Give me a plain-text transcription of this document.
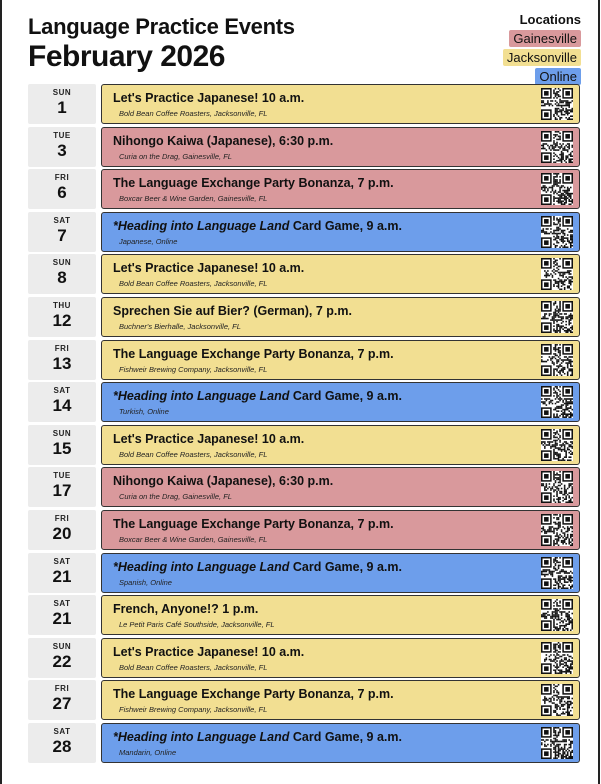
Language Practice Events
February 2026
Locations
Gainesville
Jacksonville
Online
SUN
1	Let's Practice Japanese! 10 a.m.
Bold Bean Coffee Roasters, Jacksonville, FL
TUE
3	Nihongo Kaiwa (Japanese), 6:30 p.m.
Curia on the Drag, Gainesville, FL
FRI
6	The Language Exchange Party Bonanza, 7 p.m.
Boxcar Beer & Wine Garden, Gainesville, FL
SAT
7	*Heading into Language Land Card Game, 9 a.m.
Japanese, Online
SUN
8	Let's Practice Japanese! 10 a.m.
Bold Bean Coffee Roasters, Jacksonville, FL
THU
12	Sprechen Sie auf Bier? (German), 7 p.m.
Buchner's Bierhalle, Jacksonville, FL
FRI
13	The Language Exchange Party Bonanza, 7 p.m.
Fishweir Brewing Company, Jacksonville, FL
SAT
14	*Heading into Language Land Card Game, 9 a.m.
Turkish, Online
SUN
15	Let's Practice Japanese! 10 a.m.
Bold Bean Coffee Roasters, Jacksonville, FL
TUE
17	Nihongo Kaiwa (Japanese), 6:30 p.m.
Curia on the Drag, Gainesville, FL
FRI
20	The Language Exchange Party Bonanza, 7 p.m.
Boxcar Beer & Wine Garden, Gainesville, FL
SAT
21	*Heading into Language Land Card Game, 9 a.m.
Spanish, Online
SAT
21	French, Anyone!? 1 p.m.
Le Petit Paris Café Southside, Jacksonville, FL
SUN
22	Let's Practice Japanese! 10 a.m.
Bold Bean Coffee Roasters, Jacksonville, FL
FRI
27	The Language Exchange Party Bonanza, 7 p.m.
Fishweir Brewing Company, Jacksonville, FL
SAT
28	*Heading into Language Land Card Game, 9 a.m.
Mandarin, Online
